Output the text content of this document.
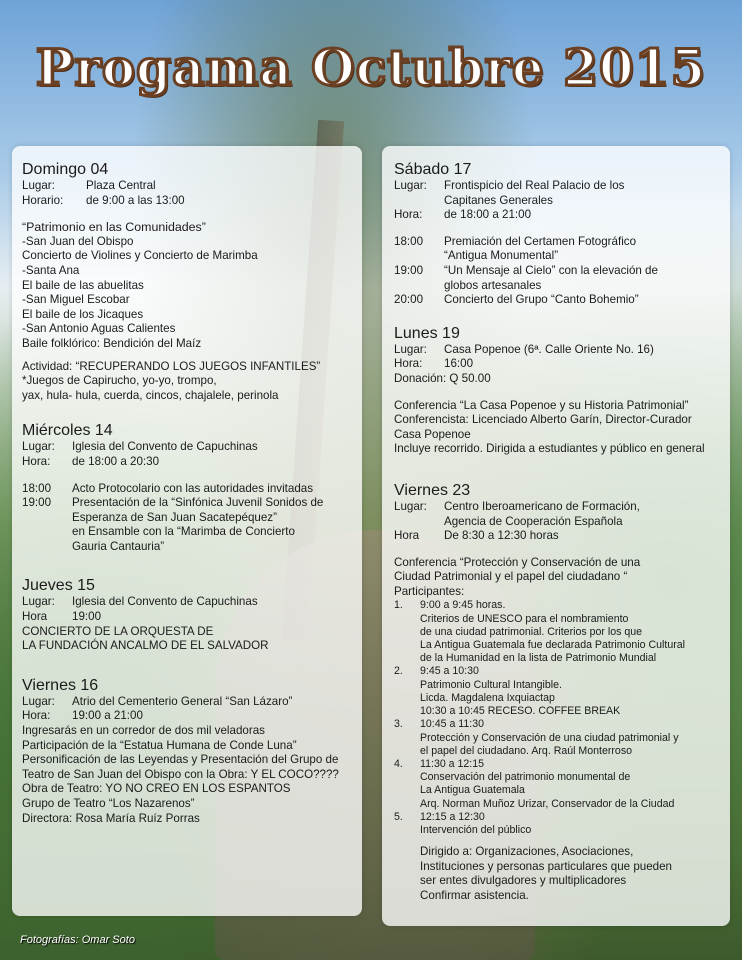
Progama Octubre 2015
Domingo 04
Lugar:	Plaza Central
Horario:	de 9:00 a las 13:00
“Patrimonio en las Comunidades”
-San Juan del Obispo
Concierto de Violines y Concierto de Marimba
-Santa Ana
El baile de las abuelitas
-San Miguel Escobar
El baile de los Jicaques
-San Antonio Aguas Calientes
Baile folklórico: Bendición del Maíz
Actividad: “RECUPERANDO LOS JUEGOS INFANTILES”
*Juegos de Capirucho, yo-yo, trompo,
yax, hula- hula, cuerda, cincos, chajalele, perinola
Miércoles 14
Lugar:	Iglesia del Convento de Capuchinas
Hora:	de 18:00 a 20:30
18:00	Acto Protocolario con las autoridades invitadas
19:00	Presentación de la “Sinfónica Juvenil Sonidos de
Esperanza de San Juan Sacatepéquez”
en Ensamble con la “Marimba de Concierto
Gauria Cantauria”
Jueves 15
Lugar:	Iglesia del Convento de Capuchinas
Hora	19:00
CONCIERTO DE LA ORQUESTA DE
LA FUNDACIÓN ANCALMO DE EL SALVADOR
Viernes 16
Lugar:	Atrio del Cementerio General “San Lázaro”
Hora:	19:00 a 21:00
Ingresarás en un corredor de dos mil veladoras
Participación de la “Estatua Humana de Conde Luna”
Personificación de las Leyendas y Presentación del Grupo de
Teatro de San Juan del Obispo con la Obra: Y EL COCO????
Obra de Teatro: YO NO CREO EN LOS ESPANTOS
Grupo de Teatro “Los Nazarenos”
Directora: Rosa María Ruíz Porras
Sábado 17
Lugar:	Frontispicio del Real Palacio de los
Capitanes Generales
Hora:	de 18:00 a 21:00
18:00	Premiación del Certamen Fotográfico
“Antigua Monumental”
19:00	“Un Mensaje al Cielo” con la elevación de
globos artesanales
20:00	Concierto del Grupo “Canto Bohemio”
Lunes 19
Lugar:	Casa Popenoe (6ª. Calle Oriente No. 16)
Hora:	16:00
Donación: Q 50.00
Conferencia “La Casa Popenoe y su Historia Patrimonial”
Conferencista: Licenciado Alberto Garín, Director-Curador
Casa Popenoe
Incluye recorrido. Dirigida a estudiantes y público en general
Viernes 23
Lugar:	Centro Iberoamericano de Formación,
Agencia de Cooperación Española
Hora	De 8:30 a 12:30 horas
Conferencia “Protección y Conservación de una
Ciudad Patrimonial y el papel del ciudadano “
Participantes:
1.	9:00 a 9:45 horas.
Criterios de UNESCO para el nombramiento
de una ciudad patrimonial. Criterios por los que
La Antigua Guatemala fue declarada Patrimonio Cultural
de la Humanidad en la lista de Patrimonio Mundial
2.	9:45 a 10:30
Patrimonio Cultural Intangible.
Licda. Magdalena Ixquiactap
10:30 a 10:45 RECESO. COFFEE BREAK
3.	10:45 a 11:30
Protección y Conservación de una ciudad patrimonial y
el papel del ciudadano. Arq. Raúl Monterroso
4.	11:30 a 12:15
Conservación del patrimonio monumental de
La Antigua Guatemala
Arq. Norman Muñoz Urizar, Conservador de la Ciudad
5.	12:15 a 12:30
Intervención del público
Dirigido a: Organizaciones, Asociaciones,
Instituciones y personas particulares que pueden
ser entes divulgadores y multiplicadores
Confirmar asistencia.
Fotografías: Omar Soto
